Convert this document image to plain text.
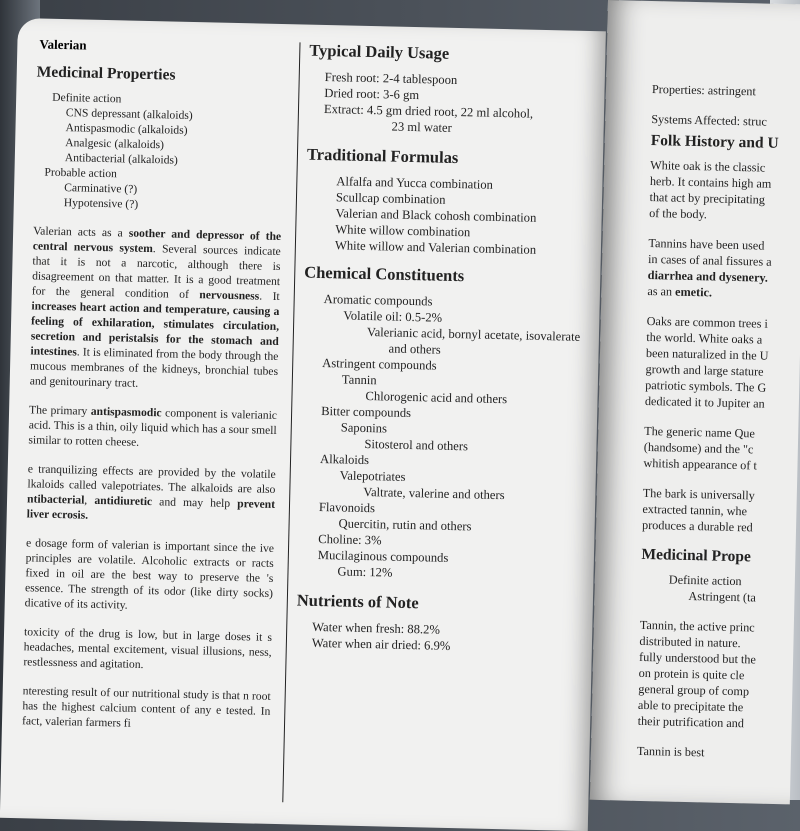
Valerian
Medicinal Properties
Definite action
CNS depressant (alkaloids)
Antispasmodic (alkaloids)
Analgesic (alkaloids)
Antibacterial (alkaloids)
Probable action
Carminative (?)
Hypotensive (?)

Valerian acts as a soother and depressor of the central nervous system. Several sources indicate that it is not a narcotic, although there is disagreement on that matter. It is a good treatment for the general condition of nervousness. It increases heart action and temperature, causing a feeling of exhilaration, stimulates circulation, secretion and peristalsis for the stomach and intestines. It is eliminated from the body through the mucous membranes of the kidneys, bronchial tubes and genitourinary tract.

The primary antispasmodic component is valerianic acid. This is a thin, oily liquid which has a sour smell similar to rotten cheese.

e tranquilizing effects are provided by the volatile lkaloids called valepotriates. The alkaloids are also ntibacterial, antidiuretic and may help prevent liver ecrosis.

e dosage form of valerian is important since the ive principles are volatile. Alcoholic extracts or racts fixed in oil are the best way to preserve the 's essence. The strength of its odor (like dirty socks) dicative of its activity.

toxicity of the drug is low, but in large doses it s headaches, mental excitement, visual illusions, ness, restlessness and agitation.

nteresting result of our nutritional study is that n root has the highest calcium content of any e tested. In fact, valerian farmers fi

Typical Daily Usage
Fresh root: 2-4 tablespoon
Dried root: 3-6 gm
Extract: 4.5 gm dried root, 22 ml alcohol,
23 ml water
Traditional Formulas
Alfalfa and Yucca combination
Scullcap combination
Valerian and Black cohosh combination
White willow combination
White willow and Valerian combination
Chemical Constituents
Aromatic compounds
Volatile oil: 0.5-2%
Valerianic acid, bornyl acetate, isovalerate
and others
Astringent compounds
Tannin
Chlorogenic acid and others
Bitter compounds
Saponins
Sitosterol and others
Alkaloids
Valepotriates
Valtrate, valerine and others
Flavonoids
Quercitin, rutin and others
Choline: 3%
Mucilaginous compounds
Gum: 12%
Nutrients of Note
Water when fresh: 88.2%
Water when air dried: 6.9%

Properties: astringent

Systems Affected: struc

Folk History and U

White oak is the classic
herb. It contains high am
that act by precipitating
of the body.

Tannins have been used
in cases of anal fissures a
diarrhea and dysenery.
as an emetic.

Oaks are common trees i
the world. White oaks a
been naturalized in the U
growth and large stature
patriotic symbols. The G
dedicated it to Jupiter an

The generic name Que
(handsome) and the "c
whitish appearance of t

The bark is universally
extracted tannin, whe
produces a durable red

Medicinal Prope

Definite action
Astringent (ta

Tannin, the active princ
distributed in nature.
fully understood but the
on protein is quite cle
general group of comp
able to precipitate the
their putrification and

Tannin is best
